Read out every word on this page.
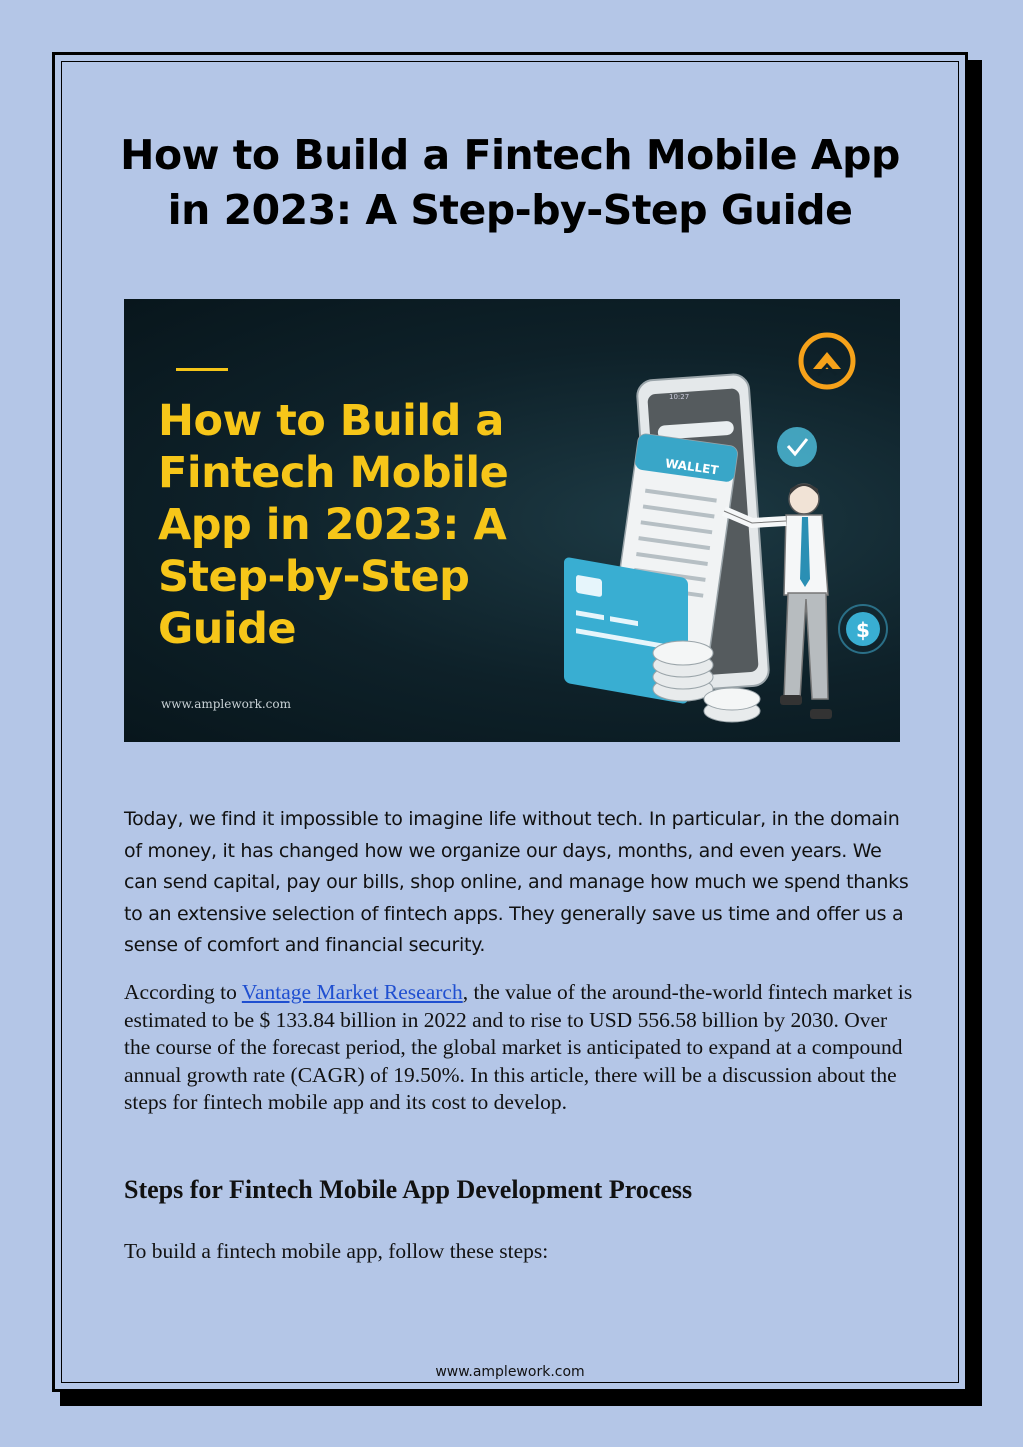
How to Build a Fintech Mobile App
in 2023: A Step-by-Step Guide
10:27
WALLET
$
How to Build a
Fintech Mobile
App in 2023: A
Step-by-Step
Guide
www.amplework.com

Today, we find it impossible to imagine life without tech. In particular, in the domain of money, it has changed how we organize our days, months, and even years. We can send capital, pay our bills, shop online, and manage how much we spend thanks to an extensive selection of fintech apps. They generally save us time and offer us a sense of comfort and financial security.

According to Vantage Market Research, the value of the around-the-world fintech market is estimated to be $ 133.84 billion in 2022 and to rise to USD 556.58 billion by 2030. Over the course of the forecast period, the global market is anticipated to expand at a compound annual growth rate (CAGR) of 19.50%. In this article, there will be a discussion about the steps for fintech mobile app and its cost to develop.

Steps for Fintech Mobile App Development Process

To build a fintech mobile app, follow these steps:

www.amplework.com
